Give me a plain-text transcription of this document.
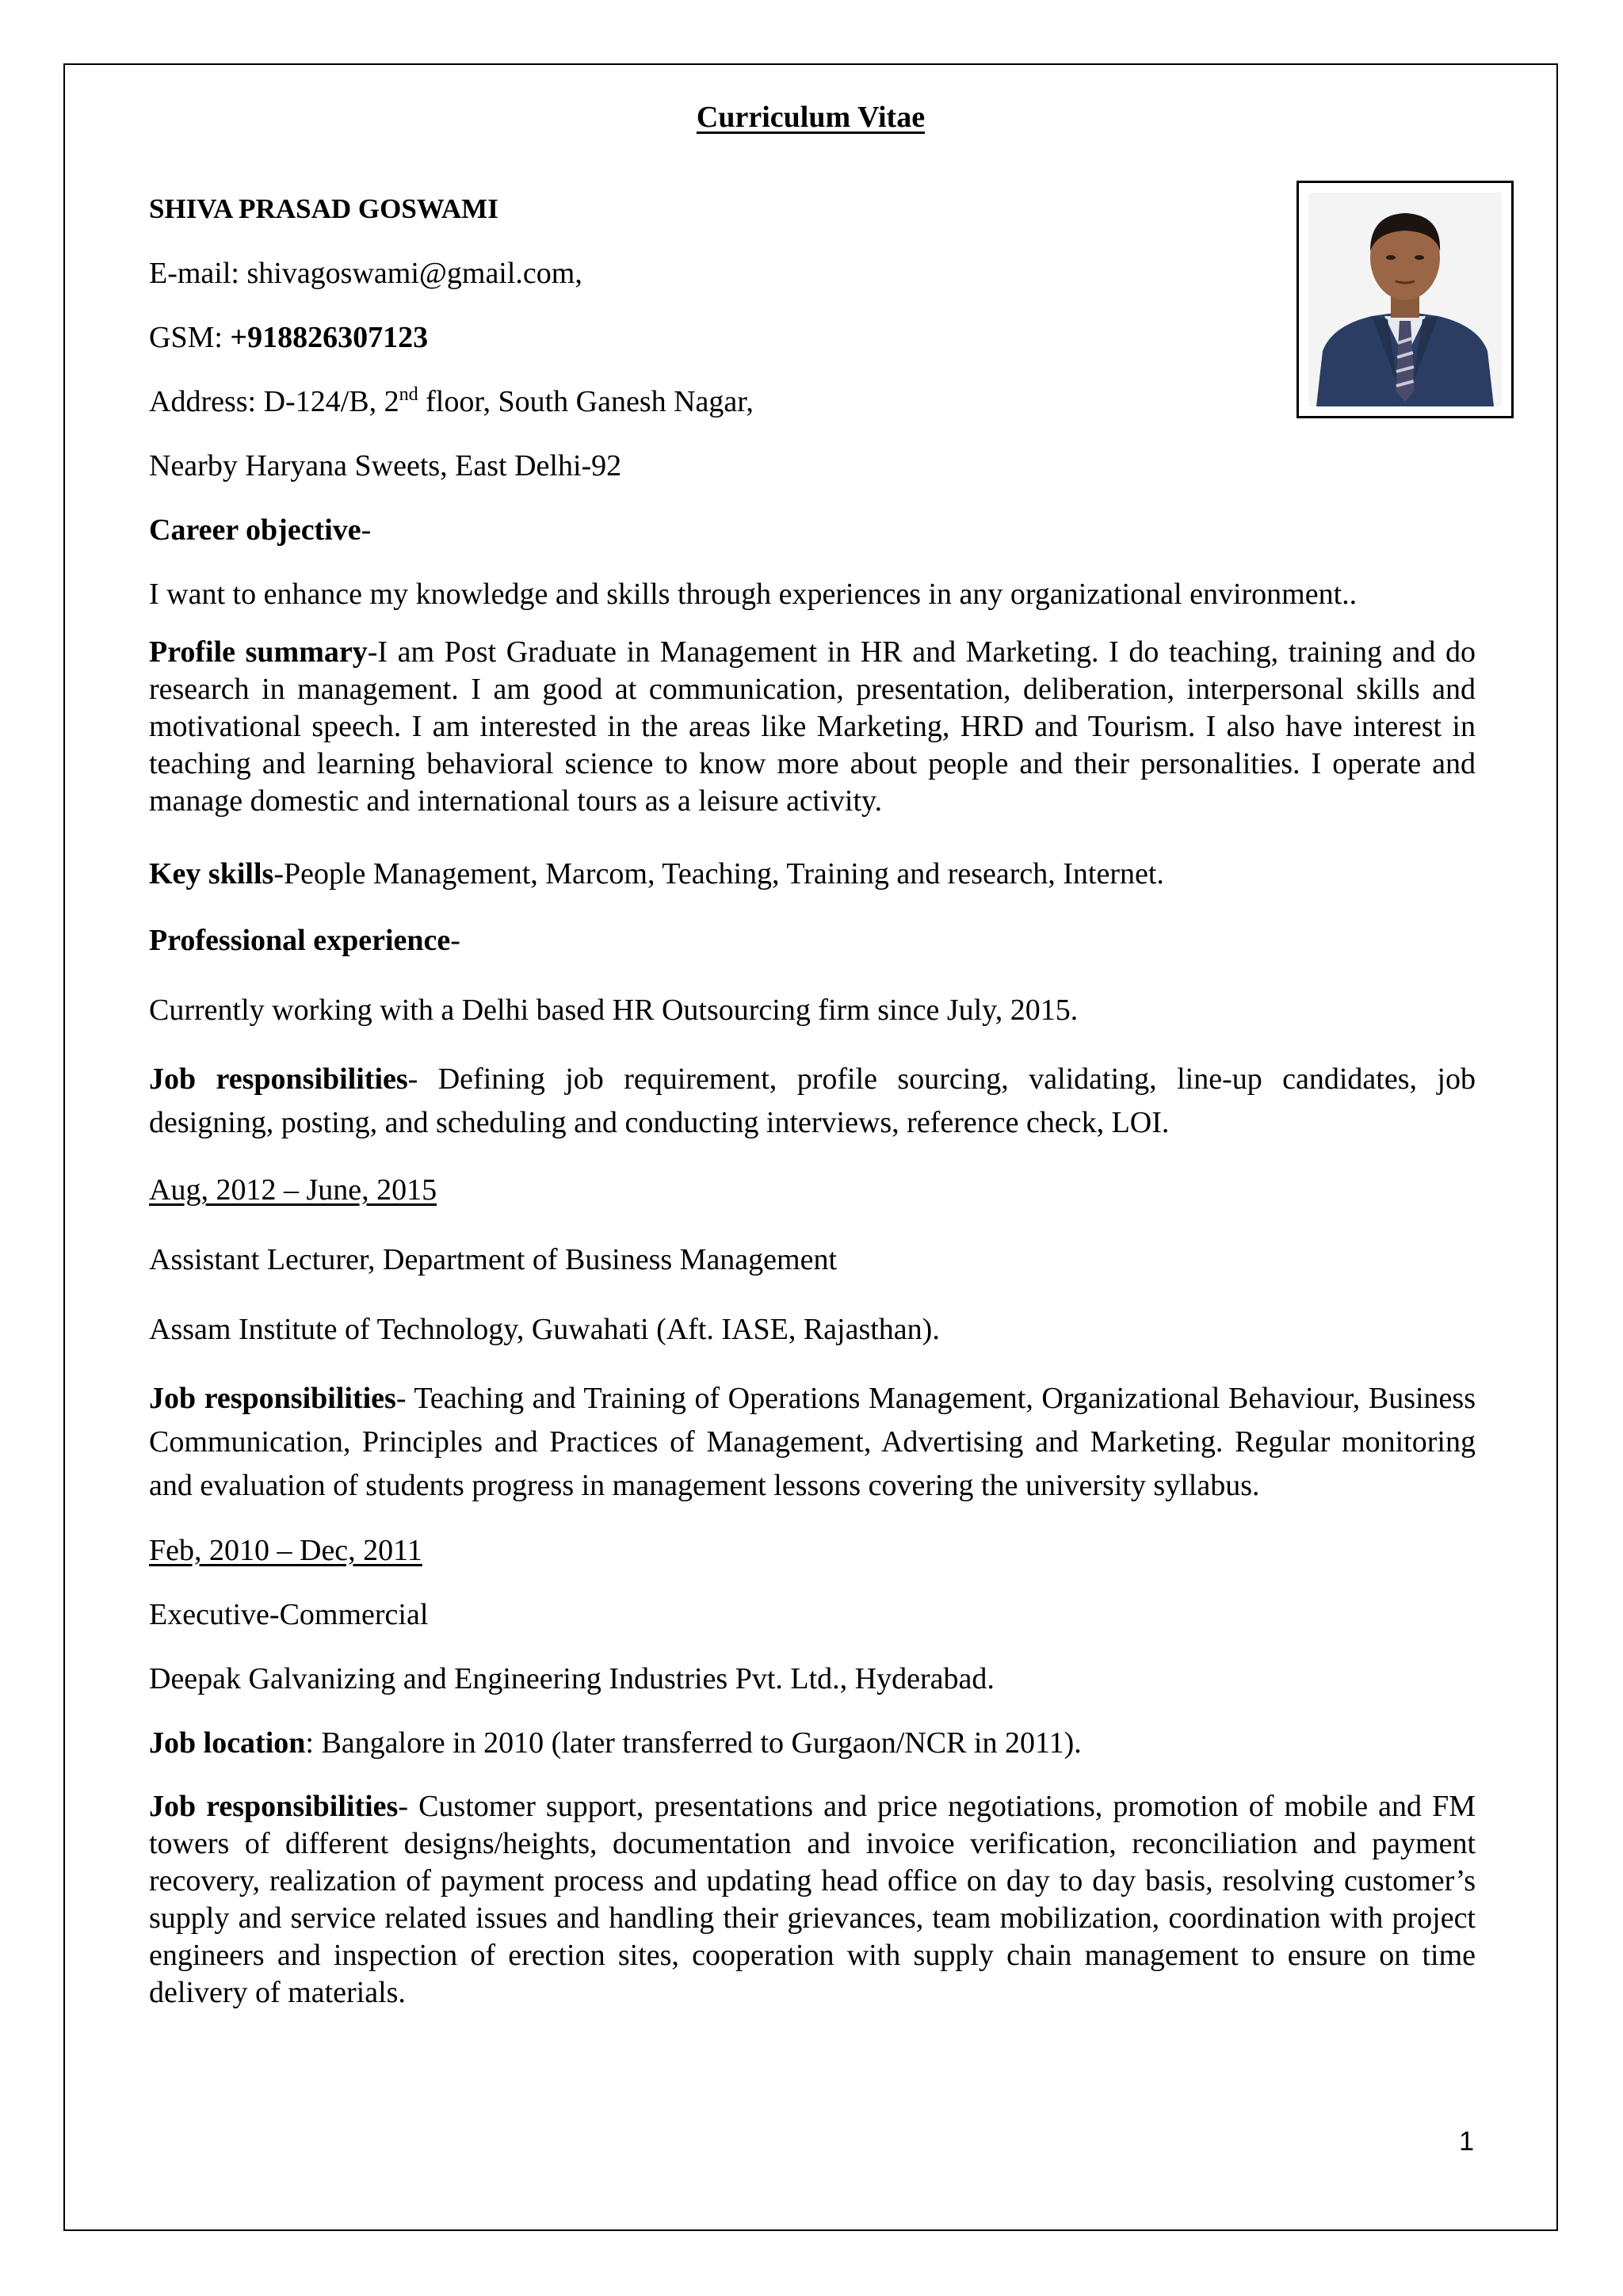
Curriculum Vitae
SHIVA PRASAD GOSWAMI
E-mail: shivagoswami@gmail.com,
GSM: +918826307123
Address: D-124/B, 2nd floor, South Ganesh Nagar,
Nearby Haryana Sweets, East Delhi-92
Career objective-
I want to enhance my knowledge and skills through experiences in any organizational environment..
Profile summary-I am Post Graduate in Management in HR and Marketing. I do teaching, training and do research in management. I am good at communication, presentation, deliberation, interpersonal skills and motivational speech. I am interested in the areas like Marketing, HRD and Tourism. I also have interest in teaching and learning behavioral science to know more about people and their personalities. I operate and manage domestic and international tours as a leisure activity.
Key skills-People Management, Marcom, Teaching, Training and research, Internet.
Professional experience-
Currently working with a Delhi based HR Outsourcing firm since July, 2015.
Job responsibilities- Defining job requirement, profile sourcing, validating, line-up candidates, job designing, posting, and scheduling and conducting interviews, reference check, LOI.
Aug, 2012 – June, 2015
Assistant Lecturer, Department of Business Management
Assam Institute of Technology, Guwahati (Aft. IASE, Rajasthan).
Job responsibilities- Teaching and Training of Operations Management, Organizational Behaviour, Business Communication, Principles and Practices of Management, Advertising and Marketing. Regular monitoring and evaluation of students progress in management lessons covering the university syllabus.
Feb, 2010 – Dec, 2011
Executive-Commercial
Deepak Galvanizing and Engineering Industries Pvt. Ltd., Hyderabad.
Job location: Bangalore in 2010 (later transferred to Gurgaon/NCR in 2011).
Job responsibilities- Customer support, presentations and price negotiations, promotion of mobile and FM towers of different designs/heights, documentation and invoice verification, reconciliation and payment recovery, realization of payment process and updating head office on day to day basis, resolving customer’s supply and service related issues and handling their grievances, team mobilization, coordination with project engineers and inspection of erection sites, cooperation with supply chain management to ensure on time delivery of materials.
1
